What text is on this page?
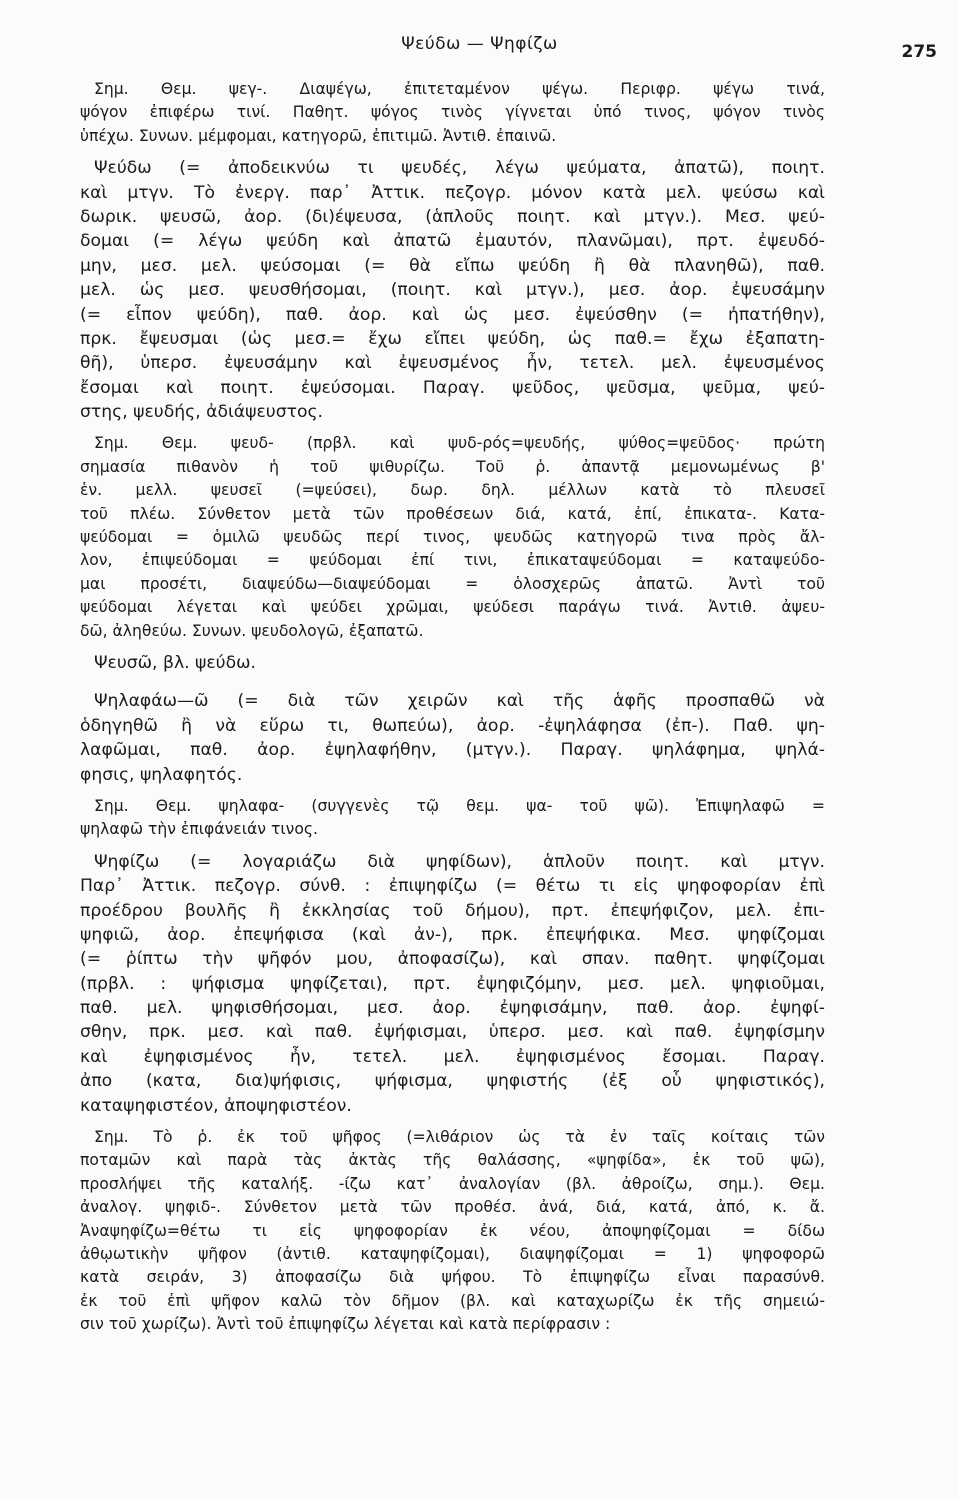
Ψεύδω — Ψηφίζω	275
Σημ. Θεμ. ψεγ-. Διαψέγω, ἐπιτεταμένον ψέγω. Περιφρ. ψέγω τινά,
ψόγον ἐπιφέρω τινί. Παθητ. ψόγος τινὸς γίγνεται ὑπό τινος, ψόγον τινὸς
ὑπέχω. Συνων. μέμφομαι, κατηγορῶ, ἐπιτιμῶ. Ἀντιθ. ἐπαινῶ.
Ψεύδω (= ἀποδεικνύω τι ψευδές, λέγω ψεύματα, ἀπατῶ), ποιητ.
καὶ μτγν. Τὸ ἐνεργ. παρ᾽ Ἀττικ. πεζογρ. μόνον κατὰ μελ. ψεύσω καὶ
δωρικ. ψευσῶ, ἀορ. (δι)έψευσα, (ἁπλοῦς ποιητ. καὶ μτγν.). Μεσ. ψεύ-
δομαι (= λέγω ψεύδη καὶ ἀπατῶ ἐμαυτόν, πλανῶμαι), πρτ. ἐψευδό-
μην, μεσ. μελ. ψεύσομαι (= θὰ εἴπω ψεύδη ἢ θὰ πλανηθῶ), παθ.
μελ. ὡς μεσ. ψευσθήσομαι, (ποιητ. καὶ μτγν.), μεσ. ἀορ. ἐψευσάμην
(= εἶπον ψεύδη), παθ. ἀορ. καὶ ὡς μεσ. ἐψεύσθην (= ἠπατήθην),
πρκ. ἔψευσμαι (ὡς μεσ.= ἔχω εἴπει ψεύδη, ὡς παθ.= ἔχω ἐξαπατη-
θῆ), ὑπερσ. ἐψευσάμην καὶ ἐψευσμένος ἦν, τετελ. μελ. ἐψευσμένος
ἔσομαι καὶ ποιητ. ἐψεύσομαι. Παραγ. ψεῦδος, ψεῦσμα, ψεῦμα, ψεύ-
στης, ψευδής, ἀδιάψευστος.
Σημ. Θεμ. ψευδ- (πρβλ. καὶ ψυδ-ρός=ψευδής, ψύθος=ψεῦδος· πρώτη
σημασία πιθανὸν ἡ τοῦ ψιθυρίζω. Τοῦ ῥ. ἀπαντᾷ μεμονωμένως β'
ἑν. μελλ. ψευσεῖ (=ψεύσει), δωρ. δηλ. μέλλων κατὰ τὸ πλευσεῖ
τοῦ πλέω. Σύνθετον μετὰ τῶν προθέσεων διά, κατά, ἐπί, ἐπικατα-. Κατα-
ψεύδομαι = ὁμιλῶ ψευδῶς περί τινος, ψευδῶς κατηγορῶ τινα πρὸς ἄλ-
λον, ἐπιψεύδομαι = ψεύδομαι ἐπί τινι, ἐπικαταψεύδομαι = καταψεύδο-
μαι προσέτι, διαψεύδω—διαψεύδομαι = ὁλοσχερῶς ἀπατῶ. Ἀντὶ τοῦ
ψεύδομαι λέγεται καὶ ψεύδει χρῶμαι, ψεύδεσι παράγω τινά. Ἀντιθ. ἀψευ-
δῶ, ἀληθεύω. Συνων. ψευδολογῶ, ἐξαπατῶ.
Ψευσῶ, βλ. ψεύδω.
Ψηλαφάω—ῶ (= διὰ τῶν χειρῶν καὶ τῆς ἁφῆς προσπαθῶ νὰ
ὁδηγηθῶ ἢ νὰ εὕρω τι, θωπεύω), ἀορ. -ἐψηλάφησα (ἐπ-). Παθ. ψη-
λαφῶμαι, παθ. ἀορ. ἐψηλαφήθην, (μτγν.). Παραγ. ψηλάφημα, ψηλά-
φησις, ψηλαφητός.
Σημ. Θεμ. ψηλαφα- (συγγενὲς τῷ θεμ. ψα- τοῦ ψῶ). Ἐπιψηλαφῶ =
ψηλαφῶ τὴν ἐπιφάνειάν τινος.
Ψηφίζω (= λογαριάζω διὰ ψηφίδων), ἁπλοῦν ποιητ. καὶ μτγν.
Παρ᾽ Ἀττικ. πεζογρ. σύνθ. : ἐπιψηφίζω (= θέτω τι εἰς ψηφοφορίαν ἐπὶ
προέδρου βουλῆς ἢ ἐκκλησίας τοῦ δήμου), πρτ. ἐπεψήφιζον, μελ. ἐπι-
ψηφιῶ, ἀορ. ἐπεψήφισα (καὶ ἀν-), πρκ. ἐπεψήφικα. Μεσ. ψηφίζομαι
(= ῥίπτω τὴν ψῆφόν μου, ἀποφασίζω), καὶ σπαν. παθητ. ψηφίζομαι
(πρβλ. : ψήφισμα ψηφίζεται), πρτ. ἐψηφιζόμην, μεσ. μελ. ψηφιοῦμαι,
παθ. μελ. ψηφισθήσομαι, μεσ. ἀορ. ἐψηφισάμην, παθ. ἀορ. ἐψηφί-
σθην, πρκ. μεσ. καὶ παθ. ἐψήφισμαι, ὑπερσ. μεσ. καὶ παθ. ἐψηφίσμην
καὶ ἐψηφισμένος ἦν, τετελ. μελ. ἐψηφισμένος ἔσομαι. Παραγ.
ἀπο (κατα, δια)ψήφισις, ψήφισμα, ψηφιστής (ἐξ οὗ ψηφιστικός),
καταψηφιστέον, ἀποψηφιστέον.
Σημ. Τὸ ῥ. ἐκ τοῦ ψῆφος (=λιθάριον ὡς τὰ ἐν ταῖς κοίταις τῶν
ποταμῶν καὶ παρὰ τὰς ἀκτὰς τῆς θαλάσσης, «ψηφίδα», ἐκ τοῦ ψῶ),
προσλήψει τῆς καταλήξ. -ίζω κατ᾽ ἀναλογίαν (βλ. ἀθροίζω, σημ.). Θεμ.
ἀναλογ. ψηφιδ-. Σύνθετον μετὰ τῶν προθέσ. ἀνά, διά, κατά, ἀπό, κ. ἄ.
Ἀναψηφίζω=θέτω τι εἰς ψηφοφορίαν ἐκ νέου, ἀποψηφίζομαι = δίδω
ἀθῳωτικὴν ψῆφον (ἀντιθ. καταψηφίζομαι), διαψηφίζομαι = 1) ψηφοφορῶ
κατὰ σειράν, 3) ἀποφασίζω διὰ ψήφου. Τὸ ἐπιψηφίζω εἶναι παρασύνθ.
ἐκ τοῦ ἐπὶ ψῆφον καλῶ τὸν δῆμον (βλ. καὶ καταχωρίζω ἐκ τῆς σημειώ-
σιν τοῦ χωρίζω). Ἀντὶ τοῦ ἐπιψηφίζω λέγεται καὶ κατὰ περίφρασιν :
